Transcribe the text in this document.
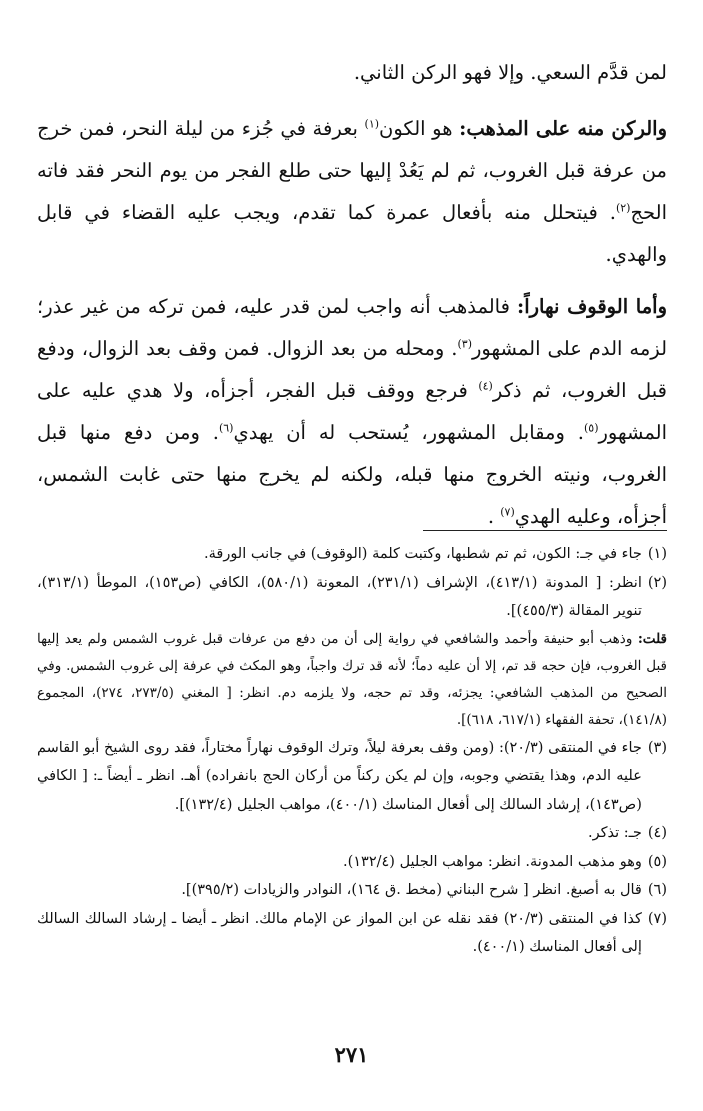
لمن قدَّم السعي. وإلا فهو الركن الثاني.

والركن منه على المذهب: هو الكون$^{(١)}$ بعرفة في جُزء من ليلة النحر، فمن خرج من عرفة قبل الغروب، ثم لم يَعُدْ إليها حتى طلع الفجر من يوم النحر فقد فاته الحج$^{(٢)}$. فيتحلل منه بأفعال عمرة كما تقدم، ويجب عليه القضاء في قابل والهدي.

وأما الوقوف نهاراً: فالمذهب أنه واجب لمن قدر عليه، فمن تركه من غير عذر؛ لزمه الدم على المشهور$^{(٣)}$. ومحله من بعد الزوال. فمن وقف بعد الزوال، ودفع قبل الغروب، ثم ذكر$^{(٤)}$ فرجع ووقف قبل الفجر، أجزأه، ولا هدي عليه على المشهور$^{(٥)}$. ومقابل المشهور، يُستحب له أن يهدي$^{(٦)}$. ومن دفع منها قبل الغروب، ونيته الخروج منها قبله، ولكنه لم يخرج منها حتى غابت الشمس، أجزأه، وعليه الهدي$^{(٧)}$ .

(١)
جاء في جـ: الكون، ثم تم شطبها، وكتبت كلمة (الوقوف) في جانب الورقة.
(٢)
انظر: [ المدونة (٤١٣/١)، الإشراف (٢٣١/١)، المعونة (٥٨٠/١)، الكافي (ص١٥٣)، الموطأ (٣١٣/١)، تنوير المقالة (٤٥٥/٣)].
قلت: وذهب أبو حنيفة وأحمد والشافعي في رواية إلى أن من دفع من عرفات قبل غروب الشمس ولم يعد إليها قبل الغروب، فإن حجه قد تم، إلا أن عليه دماً؛ لأنه قد ترك واجباً، وهو المكث في عرفة إلى غروب الشمس. وفي الصحيح من المذهب الشافعي: يجزئه، وقد تم حجه، ولا يلزمه دم. انظر: [ المغني (٢٧٣/٥، ٢٧٤)، المجموع (١٤١/٨)، تحفة الفقهاء (٦١٧/١، ٦١٨)].
(٣)
جاء في المنتقى (٢٠/٣): (ومن وقف بعرفة ليلاً، وترك الوقوف نهاراً مختاراً، فقد روى الشيخ أبو القاسم عليه الدم، وهذا يقتضي وجوبه، وإن لم يكن ركناً من أركان الحج بانفراده) أهـ. انظر ـ أيضاً ـ: [ الكافي (ص١٤٣)، إرشاد السالك إلى أفعال المناسك (٤٠٠/١)، مواهب الجليل (١٣٢/٤)].
(٤)
جـ: تذكر.
(٥)
وهو مذهب المدونة. انظر: مواهب الجليل (١٣٢/٤).
(٦)
قال به أصبغ. انظر [ شرح البناني (مخط .ق ١٦٤)، النوادر والزيادات (٣٩٥/٢)].
(٧)
كذا في المنتقى (٢٠/٣) فقد نقله عن ابن المواز عن الإمام مالك. انظر ـ أيضا ـ إرشاد السالك السالك إلى أفعال المناسك (٤٠٠/١).
٢٧١
